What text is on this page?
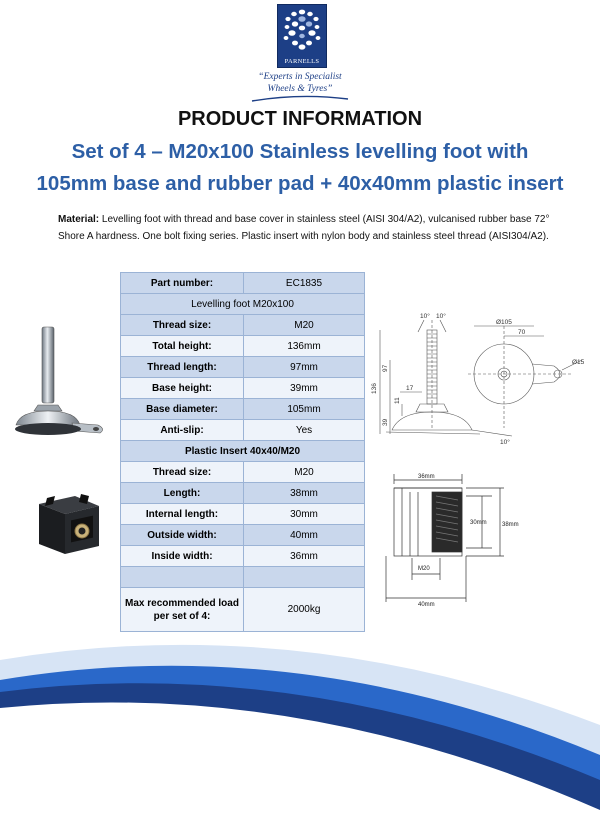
PARNELLS
“Experts in Specialist
Wheels & Tyres”
PRODUCT INFORMATION
Set of 4 – M20x100 Stainless levelling foot with
105mm base and rubber pad + 40x40mm plastic insert
Material: Levelling foot with thread and base cover in stainless steel (AISI 304/A2), vulcanised rubber base 72° Shore A hardness. One bolt fixing series. Plastic insert with nylon body and stainless steel thread (AISI304/A2).
Part number:	EC1835
Levelling foot M20x100	
Thread size:	M20
Total height:	136mm
Thread length:	97mm
Base height:	39mm
Base diameter:	105mm
Anti-slip:	Yes
Plastic Insert 40x40/M20	
Thread size:	M20
Length:	38mm
Internal length:	30mm
Outside width:	40mm
Inside width:	36mm

Max recommended load
per set of 4:	2000kg
10° 10°
Ø105
70
136
97
17
11
39
Ø15
10°
36mm
30mm	38mm
M20
40mm
